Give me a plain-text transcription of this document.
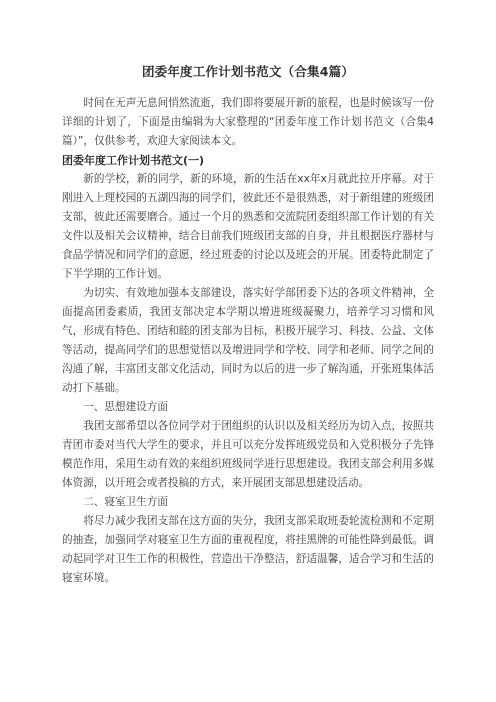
团委年度工作计划书范文（合集4篇）

时间在无声无息间悄然流逝，我们即将要展开新的旅程，也是时候该写一份详细的计划了，下面是由编辑为大家整理的“团委年度工作计划书范文（合集4篇）”，仅供参考，欢迎大家阅读本文。

团委年度工作计划书范文(一)

新的学校，新的同学，新的环境，新的生活在xx年x月就此拉开序幕。对于刚进入上理校园的五湖四海的同学们，彼此还不是很熟悉，对于新组建的班级团支部，彼此还需要磨合。通过一个月的熟悉和交流院团委组织部工作计划的有关文件以及相关会议精神，结合目前我们班级团支部的自身，并且根据医疗器材与食品学情况和同学们的意愿，经过班委的讨论以及班会的开展。团委特此制定了下半学期的工作计划。

为切实、有效地加强本支部建设，落实好学部团委下达的各项文件精神，全面提高团委素质，我团支部决定本学期以增进班级凝聚力，培养学习习惯和风气，形成有特色、团结和睦的团支部为目标，积极开展学习、科技、公益、文体等活动，提高同学们的思想觉悟以及增进同学和学校、同学和老师、同学之间的沟通了解，丰富团支部文化活动，同时为以后的进一步了解沟通，开张班集体活动打下基础。

一、思想建设方面

我团支部希望以各位同学对于团组织的认识以及相关经历为切入点，按照共青团市委对当代大学生的要求，并且可以充分发挥班级党员和入党积极分子先锋模范作用，采用生动有效的来组织班级同学进行思想建设。我团支部会利用多媒体资源，以开班会或者投稿的方式，来开展团支部思想建设活动。

二、寝室卫生方面

将尽力减少我团支部在这方面的失分，我团支部采取班委轮流检测和不定期的抽查，加强同学对寝室卫生方面的重视程度，将挂黑牌的可能性降到最低。调动起同学对卫生工作的积极性，营造出干净整洁，舒适温馨，适合学习和生活的寝室环境。
